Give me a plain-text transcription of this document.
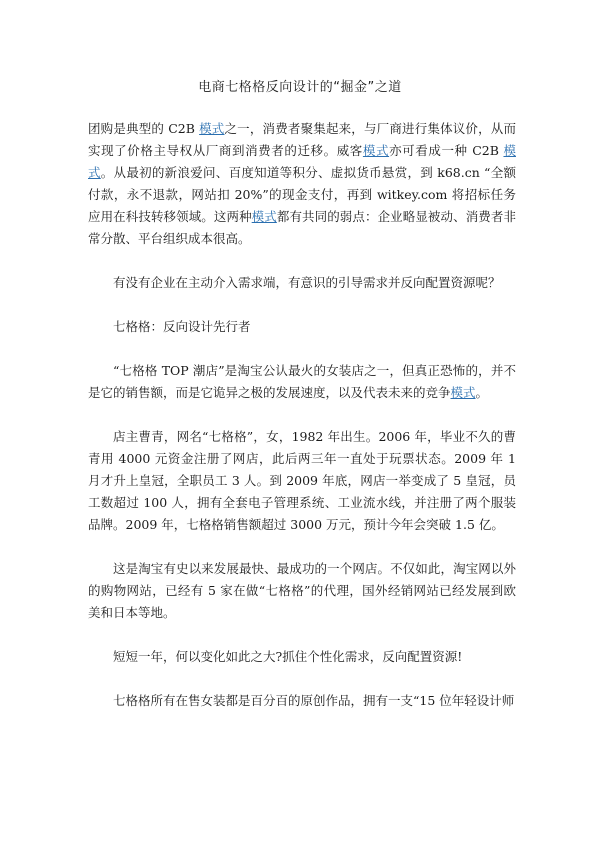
电商七格格反向设计的“掘金”之道

团购是典型的 C2B 模式之一，消费者聚集起来，与厂商进行集体议价，从而实现了价格主导权从厂商到消费者的迁移。威客模式亦可看成一种 C2B 模式。从最初的新浪爱问、百度知道等积分、虚拟货币悬赏，到 k68.cn “全额付款，永不退款，网站扣 20%”的现金支付，再到 witkey.com 将招标任务应用在科技转移领域。这两种模式都有共同的弱点：企业略显被动、消费者非常分散、平台组织成本很高。

有没有企业在主动介入需求端，有意识的引导需求并反向配置资源呢？

七格格：反向设计先行者

“七格格 TOP 潮店”是淘宝公认最火的女装店之一，但真正恐怖的，并不是它的销售额，而是它诡异之极的发展速度，以及代表未来的竞争模式。

店主曹青，网名“七格格”，女，1982 年出生。2006 年，毕业不久的曹青用 4000 元资金注册了网店，此后两三年一直处于玩票状态。2009 年 1 月才升上皇冠，全职员工 3 人。到 2009 年底，网店一举变成了 5 皇冠，员工数超过 100 人，拥有全套电子管理系统、工业流水线，并注册了两个服装品牌。2009 年，七格格销售额超过 3000 万元，预计今年会突破 1.5 亿。

这是淘宝有史以来发展最快、最成功的一个网店。不仅如此，淘宝网以外的购物网站，已经有 5 家在做“七格格”的代理，国外经销网站已经发展到欧美和日本等地。

短短一年，何以变化如此之大?抓住个性化需求，反向配置资源!

七格格所有在售女装都是百分百的原创作品，拥有一支“15 位年轻设计师
